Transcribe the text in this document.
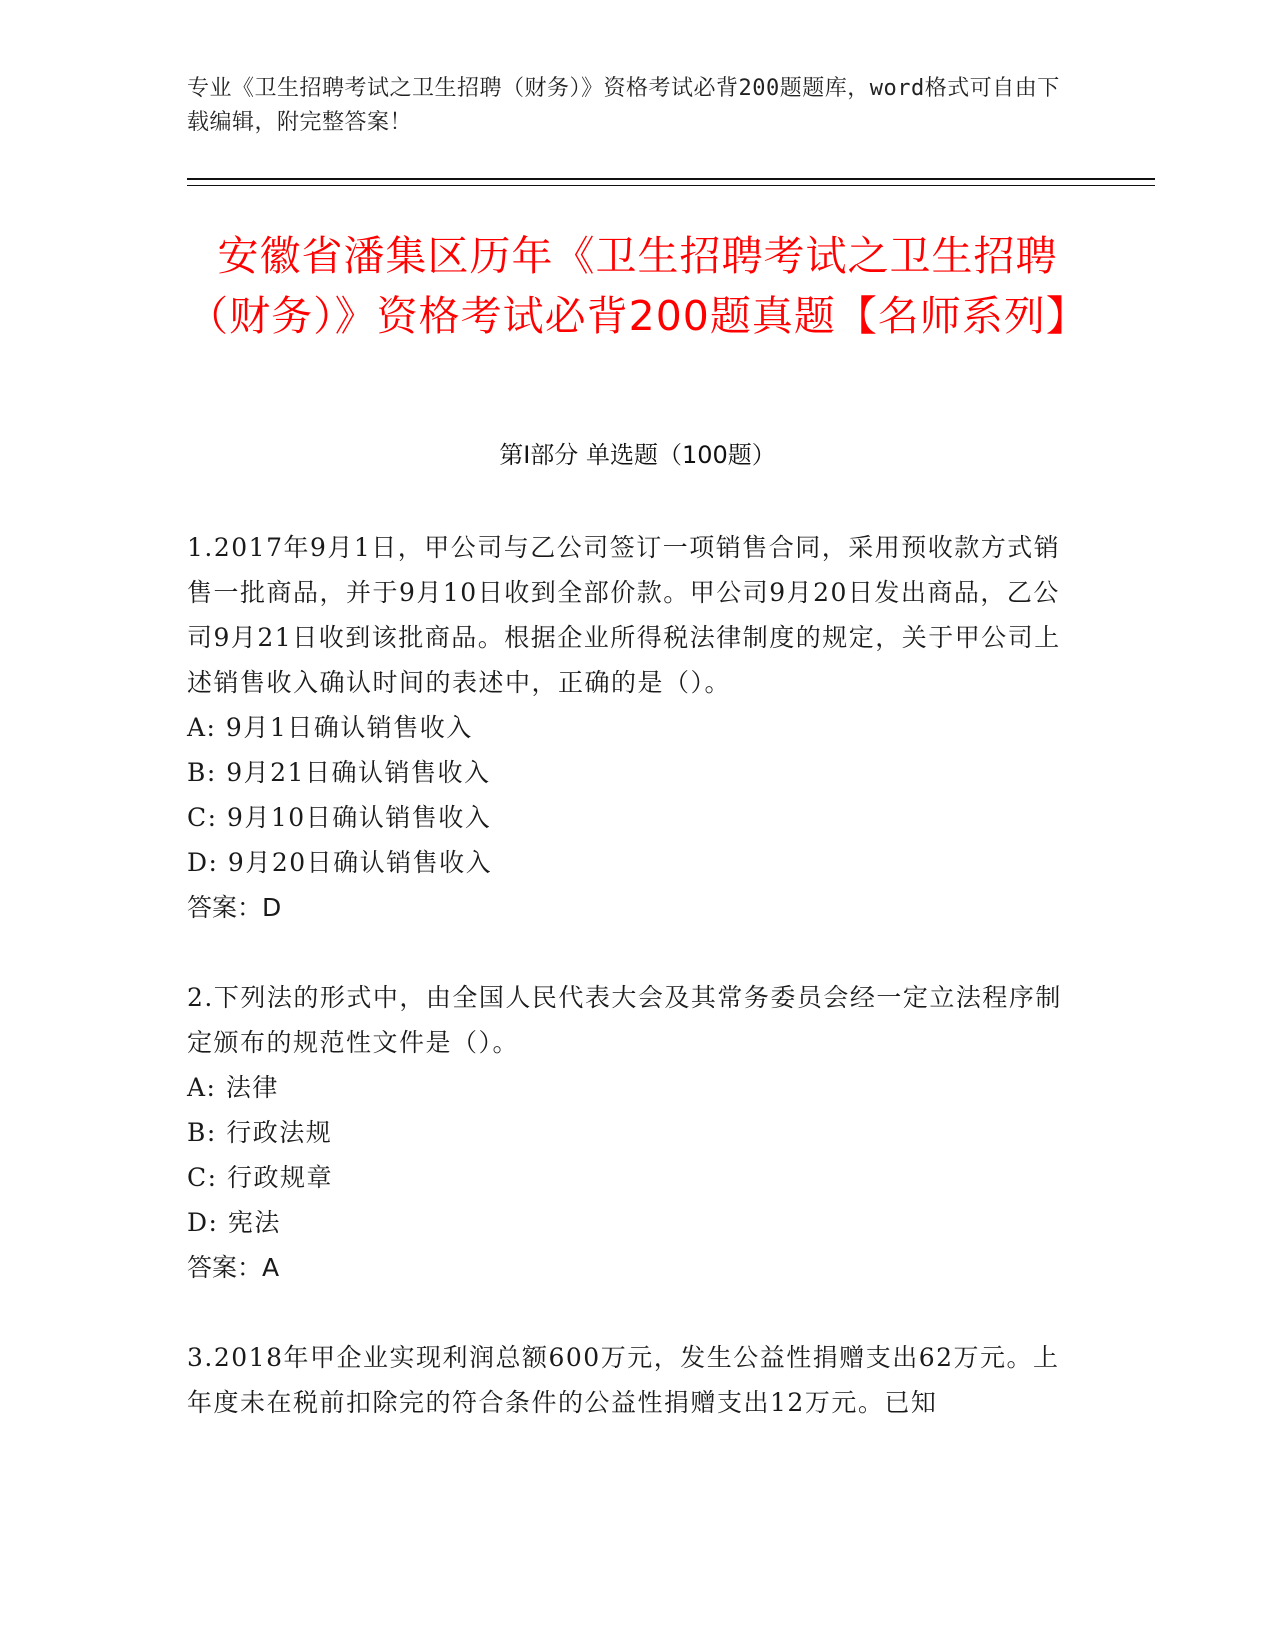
专业《卫生招聘考试之卫生招聘（财务）》资格考试必背200题题库，word格式可自由下载编辑，附完整答案！
安徽省潘集区历年《卫生招聘考试之卫生招聘（财务）》资格考试必背200题真题【名师系列】
第I部分 单选题（100题）

1.2017年9月1日，甲公司与乙公司签订一项销售合同，采用预收款方式销售一批商品，并于9月10日收到全部价款。甲公司9月20日发出商品，乙公司9月21日收到该批商品。根据企业所得税法律制度的规定，关于甲公司上述销售收入确认时间的表述中，正确的是（）。

A: 9月1日确认销售收入

B: 9月21日确认销售收入

C: 9月10日确认销售收入

D: 9月20日确认销售收入

答案：D

2.下列法的形式中，由全国人民代表大会及其常务委员会经一定立法程序制定颁布的规范性文件是（）。

A: 法律

B: 行政法规

C: 行政规章

D: 宪法

答案：A

3.2018年甲企业实现利润总额600万元，发生公益性捐赠支出62万元。上年度未在税前扣除完的符合条件的公益性捐赠支出12万元。已知
